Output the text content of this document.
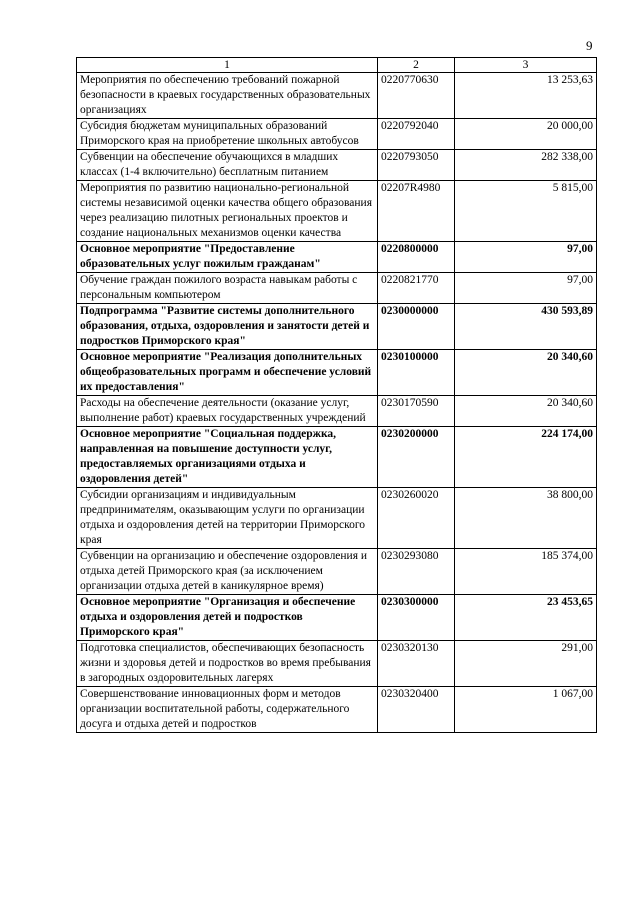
9
1	2	3
Мероприятия по обеспечению требований пожарной безопасности в краевых государственных образовательных организациях	0220770630	13 253,63
Субсидия бюджетам муниципальных образований Приморского края на приобретение школьных автобусов	0220792040	20 000,00
Субвенции на обеспечение обучающихся в младших классах (1-4 включительно) бесплатным питанием	0220793050	282 338,00
Мероприятия по развитию национально-региональной системы независимой оценки качества общего образования через реализацию пилотных региональных проектов и создание национальных механизмов оценки качества	02207R4980	5 815,00
Основное мероприятие "Предоставление образовательных услуг пожилым гражданам"	0220800000	97,00
Обучение граждан пожилого возраста навыкам работы с персональным компьютером	0220821770	97,00
Подпрограмма "Развитие системы дополнительного образования, отдыха, оздоровления и занятости детей и подростков Приморского края"	0230000000	430 593,89
Основное мероприятие "Реализация дополнительных общеобразовательных программ и обеспечение условий их предоставления"	0230100000	20 340,60
Расходы на обеспечение деятельности (оказание услуг, выполнение работ) краевых государственных учреждений	0230170590	20 340,60
Основное мероприятие "Социальная поддержка, направленная на повышение доступности услуг, предоставляемых организациями отдыха и оздоровления детей"	0230200000	224 174,00
Субсидии организациям и индивидуальным предпринимателям, оказывающим услуги по организации отдыха и оздоровления детей на территории Приморского края	0230260020	38 800,00
Субвенции на организацию и обеспечение оздоровления и отдыха детей Приморского края (за исключением организации отдыха детей в каникулярное время)	0230293080	185 374,00
Основное мероприятие "Организация и обеспечение отдыха и оздоровления детей и подростков Приморского края"	0230300000	23 453,65
Подготовка специалистов, обеспечивающих безопасность жизни и здоровья детей и подростков во время пребывания в загородных оздоровительных лагерях	0230320130	291,00
Совершенствование инновационных форм и методов организации воспитательной работы, содержательного досуга и отдыха детей и подростков	0230320400	1 067,00
